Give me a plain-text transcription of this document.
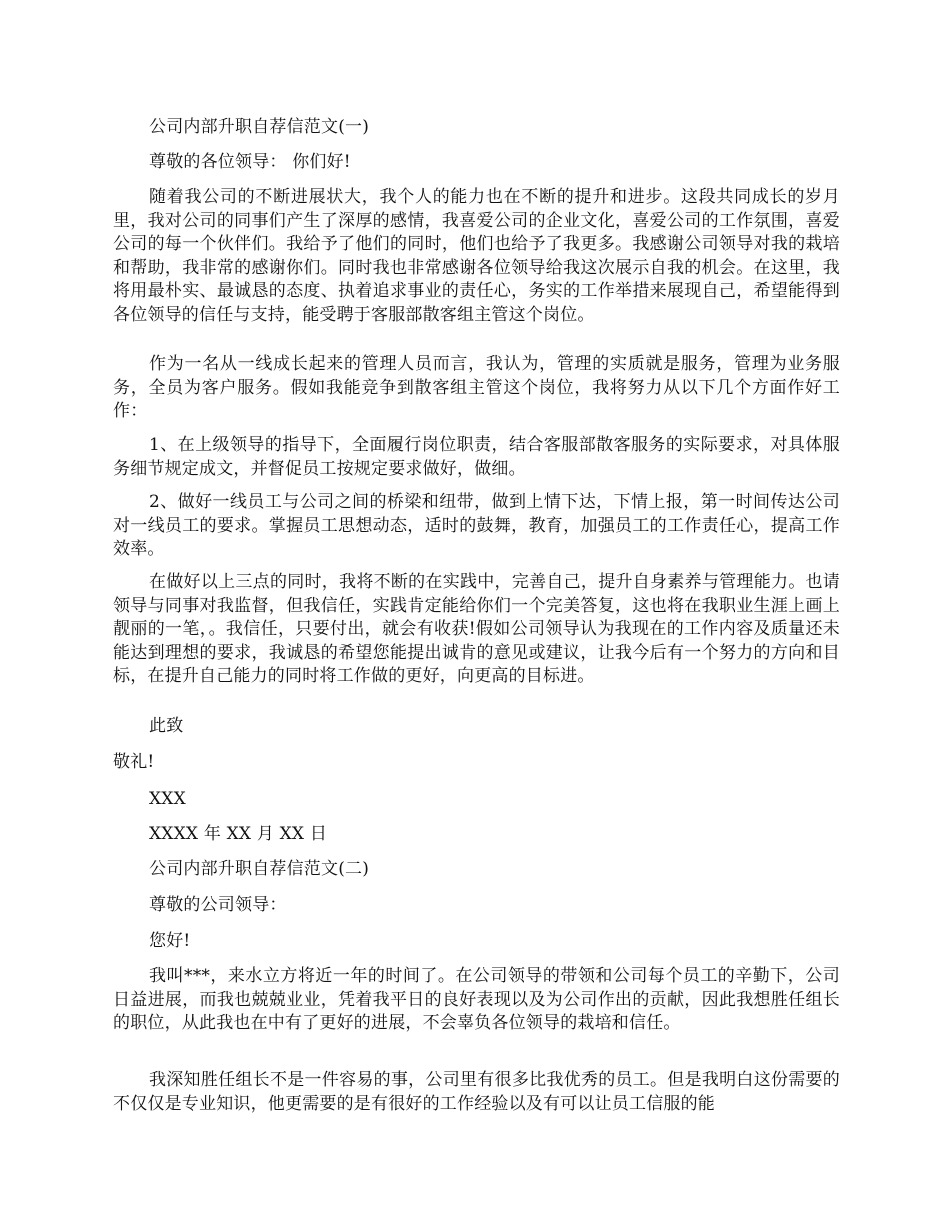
公司内部升职自荐信范文(一)

尊敬的各位领导： 你们好!

随着我公司的不断进展状大，我个人的能力也在不断的提升和进步。这段共同成长的岁月里，我对公司的同事们产生了深厚的感情，我喜爱公司的企业文化，喜爱公司的工作氛围，喜爱公司的每一个伙伴们。我给予了他们的同时，他们也给予了我更多。我感谢公司领导对我的栽培和帮助，我非常的感谢你们。同时我也非常感谢各位领导给我这次展示自我的机会。在这里，我将用最朴实、最诚恳的态度、执着追求事业的责任心，务实的工作举措来展现自己，希望能得到各位领导的信任与支持，能受聘于客服部散客组主管这个岗位。

作为一名从一线成长起来的管理人员而言，我认为，管理的实质就是服务，管理为业务服务，全员为客户服务。假如我能竞争到散客组主管这个岗位，我将努力从以下几个方面作好工作：

1、在上级领导的指导下，全面履行岗位职责，结合客服部散客服务的实际要求，对具体服务细节规定成文，并督促员工按规定要求做好，做细。

2、做好一线员工与公司之间的桥梁和纽带，做到上情下达，下情上报，第一时间传达公司对一线员工的要求。掌握员工思想动态，适时的鼓舞，教育，加强员工的工作责任心，提高工作效率。

在做好以上三点的同时，我将不断的在实践中，完善自己，提升自身素养与管理能力。也请领导与同事对我监督，但我信任，实践肯定能给你们一个完美答复，这也将在我职业生涯上画上靓丽的一笔，。我信任，只要付出，就会有收获!假如公司领导认为我现在的工作内容及质量还未能达到理想的要求，我诚恳的希望您能提出诚肯的意见或建议，让我今后有一个努力的方向和目标，在提升自己能力的同时将工作做的更好，向更高的目标进。

此致

敬礼!

XXX

XXXX 年 XX 月 XX 日

公司内部升职自荐信范文(二)

尊敬的公司领导：

您好!

我叫***，来水立方将近一年的时间了。在公司领导的带领和公司每个员工的辛勤下，公司日益进展，而我也兢兢业业，凭着我平日的良好表现以及为公司作出的贡献，因此我想胜任组长的职位，从此我也在中有了更好的进展，不会辜负各位领导的栽培和信任。

我深知胜任组长不是一件容易的事，公司里有很多比我优秀的员工。但是我明白这份需要的不仅仅是专业知识，他更需要的是有很好的工作经验以及有可以让员工信服的能
